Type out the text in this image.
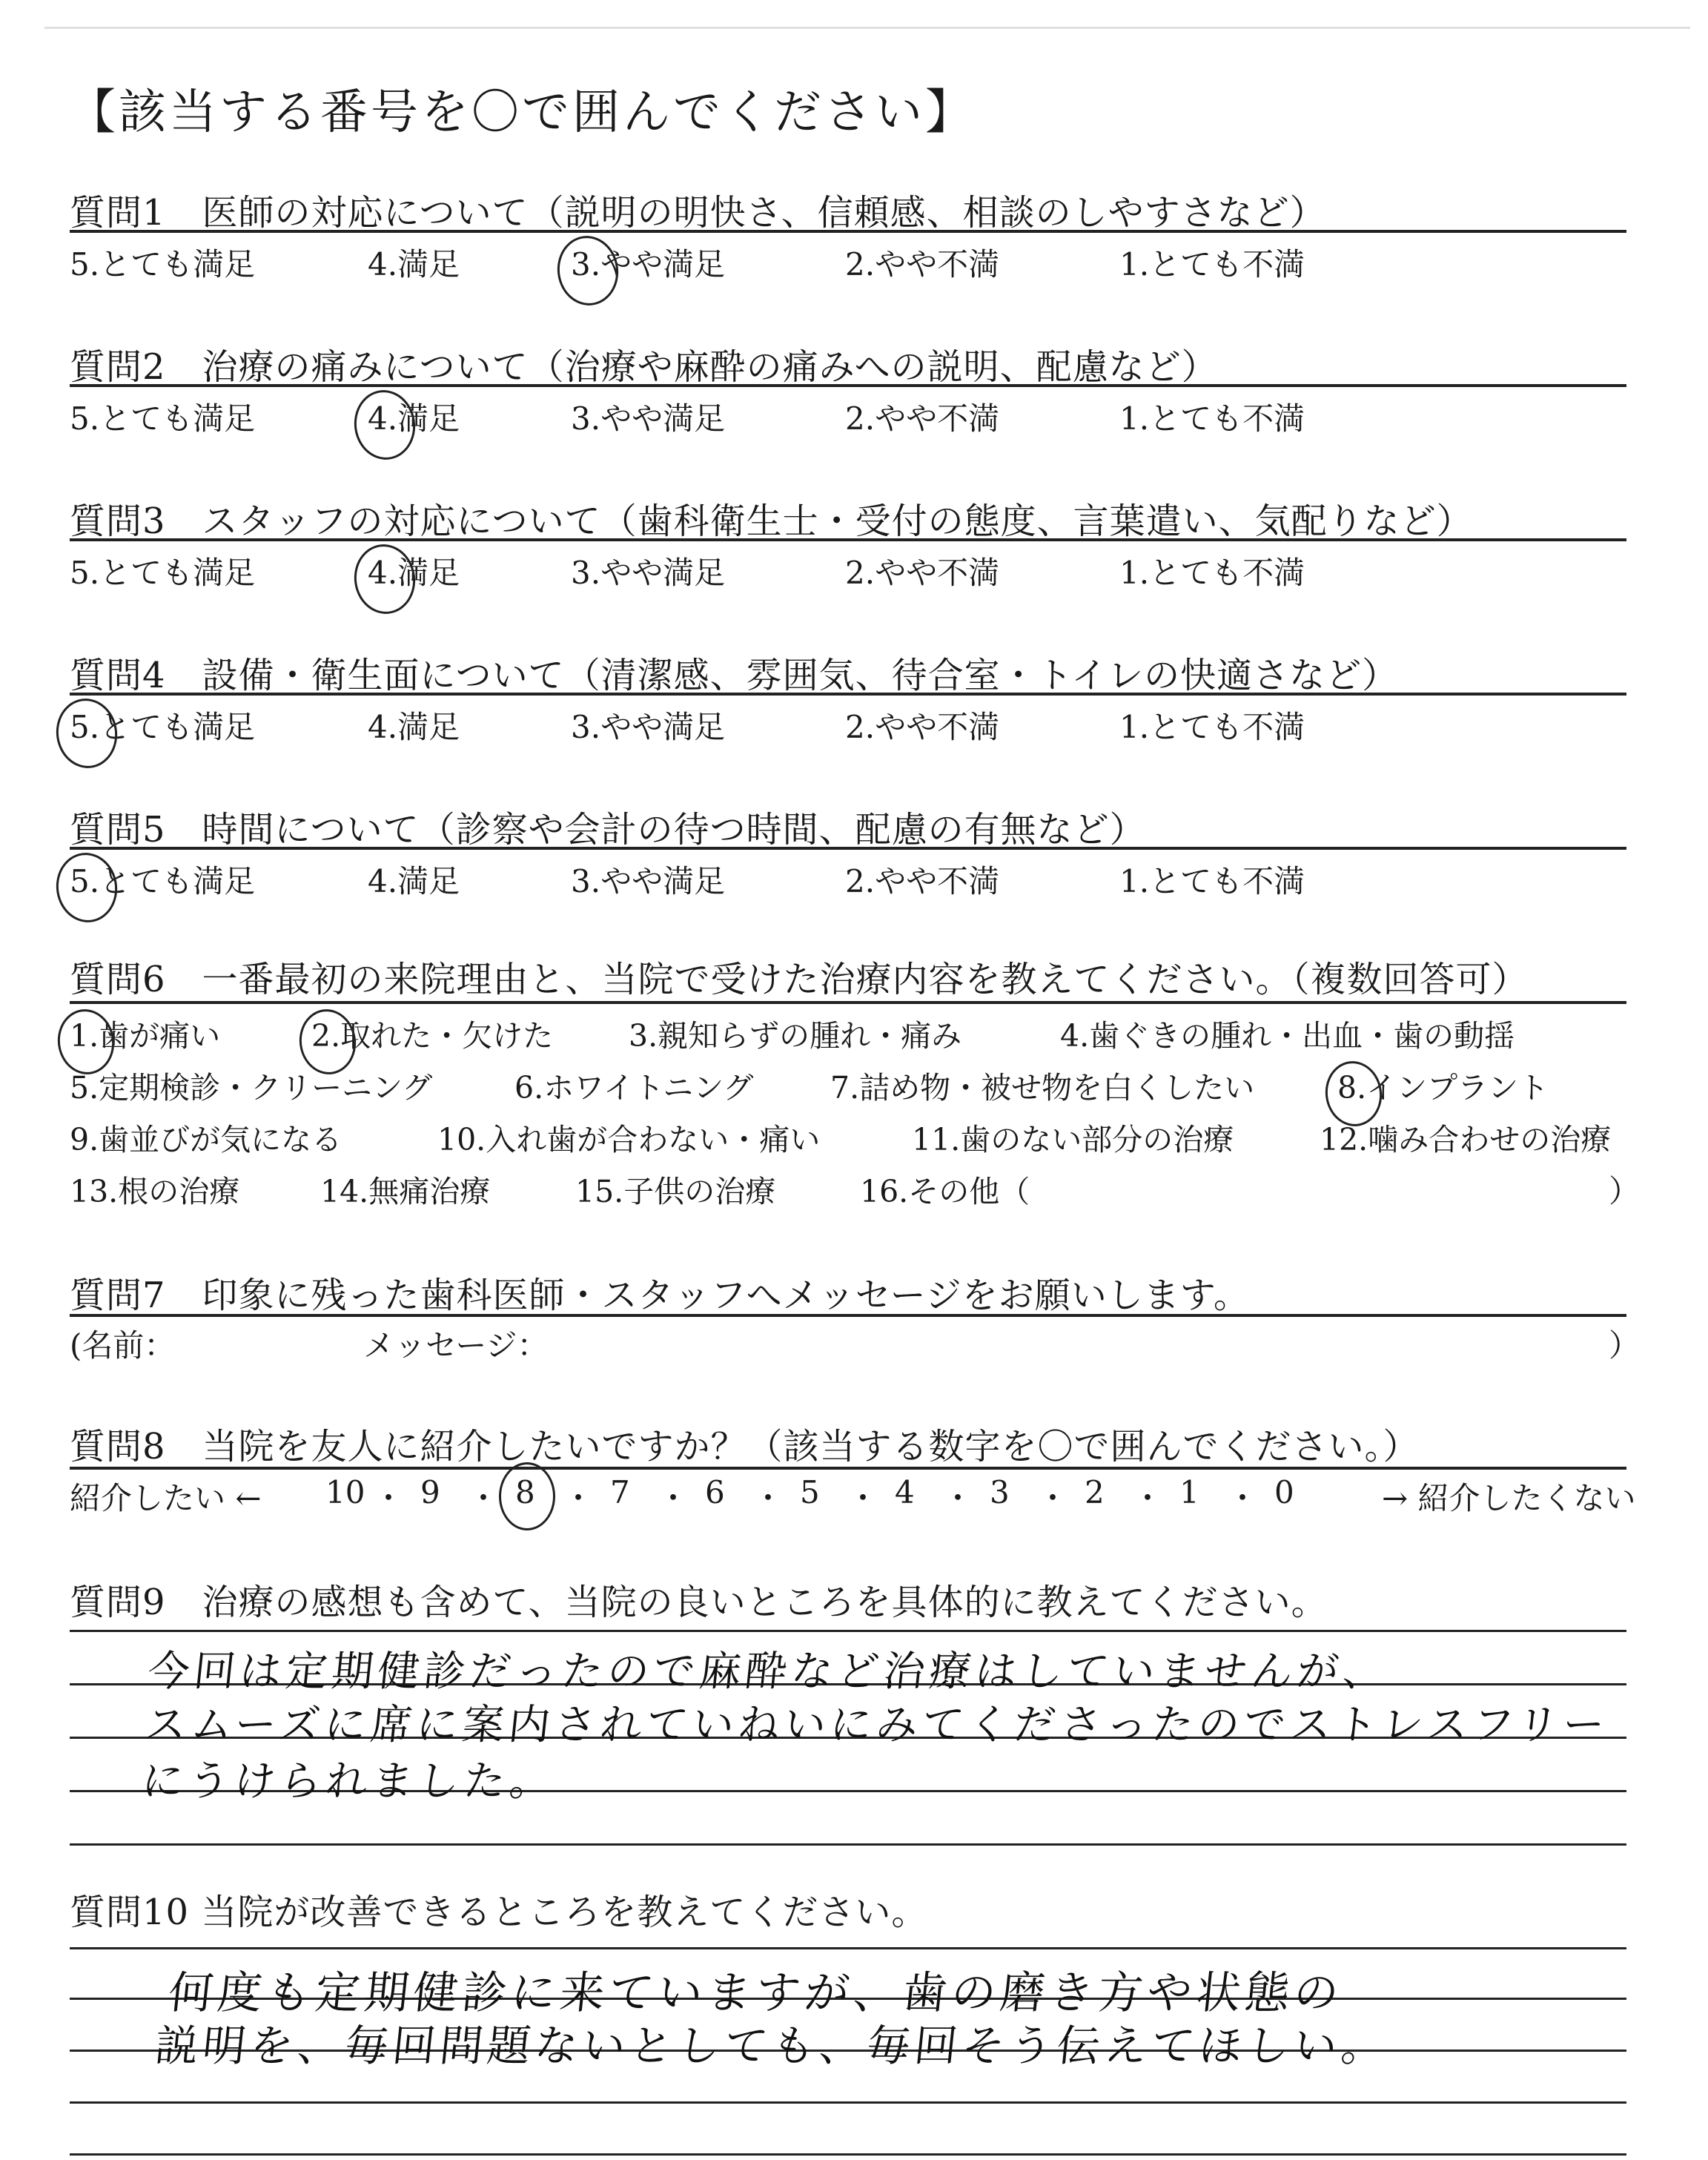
【該当する番号を〇で囲んでください】
質問1　医師の対応について（説明の明快さ、信頼感、相談のしやすさなど）
5.とても満足	4.満足	3.やや満足	2.やや不満	1.とても不満
質問2　治療の痛みについて（治療や麻酔の痛みへの説明、配慮など）
5.とても満足	4.満足	3.やや満足	2.やや不満	1.とても不満
質問3　スタッフの対応について（歯科衛生士・受付の態度、言葉遣い、気配りなど）
5.とても満足	4.満足	3.やや満足	2.やや不満	1.とても不満
質問4　設備・衛生面について（清潔感、雰囲気、待合室・トイレの快適さなど）
5.とても満足	4.満足	3.やや満足	2.やや不満	1.とても不満
質問5　時間について（診察や会計の待つ時間、配慮の有無など）
5.とても満足	4.満足	3.やや満足	2.やや不満	1.とても不満
質問6　一番最初の来院理由と、当院で受けた治療内容を教えてください。（複数回答可）
1.歯が痛い	2.取れた・欠けた 3.親知らずの腫れ・痛み	4.歯ぐきの腫れ・出血・歯の動揺
5.定期検診・クリーニング	6.ホワイトニング	7.詰め物・被せ物を白くしたい	8.インプラント
9.歯並びが気になる	10.入れ歯が合わない・痛い	11.歯のない部分の治療	12.噛み合わせの治療
13.根の治療	14.無痛治療	15.子供の治療	16.その他（	）
質問7　印象に残った歯科医師・スタッフへメッセージをお願いします。
(名前：	メッセージ：	）
質問8　当院を友人に紹介したいですか？（該当する数字を〇で囲んでください。）
紹介したい ←	→ 紹介したくない
10 ・ 9 ・ 8 ・ 7 ・ 6 ・ 5 ・ 4 ・ 3 ・ 2 ・ 1 ・ 0
質問9　治療の感想も含めて、当院の良いところを具体的に教えてください。
今回は定期健診だったので麻酔など治療はしていませんが、
スムーズに席に案内されていねいにみてくださったのでストレスフリー
にうけられました。
質問10 当院が改善できるところを教えてください。
何度も定期健診に来ていますが、歯の磨き方や状態の
説明を、毎回問題ないとしても、毎回そう伝えてほしい。
